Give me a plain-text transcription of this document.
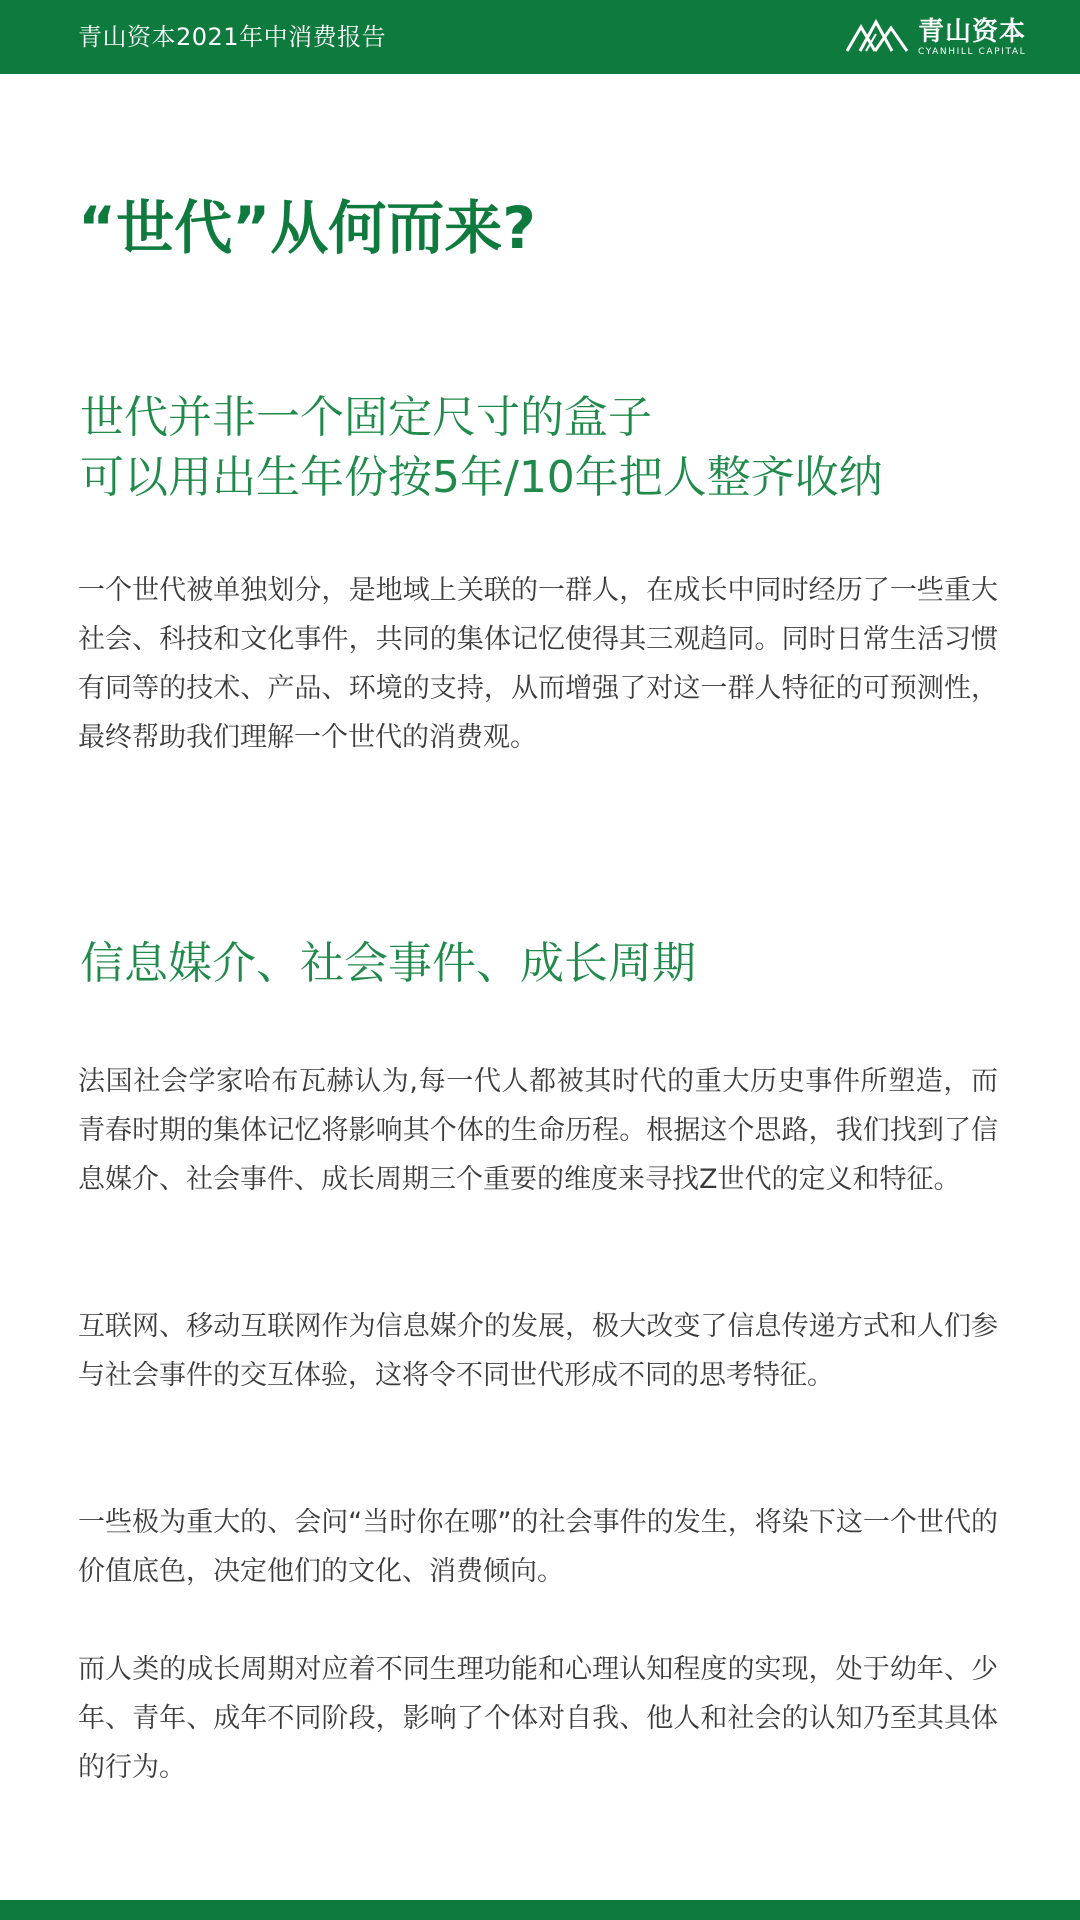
青山资本2021年中消费报告	青山资本
CYANHILL CAPITAL
“世代”从何而来?
世代并非一个固定尺寸的盒子
可以用出生年份按5年/10年把人整齐收纳

一个世代被单独划分，是地域上关联的一群人，在成长中同时经历了一些重大社会、科技和文化事件，共同的集体记忆使得其三观趋同。同时日常生活习惯有同等的技术、产品、环境的支持，从而增强了对这一群人特征的可预测性，最终帮助我们理解一个世代的消费观。

信息媒介、社会事件、成长周期

法国社会学家哈布瓦赫认为,每一代人都被其时代的重大历史事件所塑造，而青春时期的集体记忆将影响其个体的生命历程。根据这个思路，我们找到了信息媒介、社会事件、成长周期三个重要的维度来寻找Z世代的定义和特征。

互联网、移动互联网作为信息媒介的发展，极大改变了信息传递方式和人们参与社会事件的交互体验，这将令不同世代形成不同的思考特征。

一些极为重大的、会问“当时你在哪”的社会事件的发生，将染下这一个世代的价值底色，决定他们的文化、消费倾向。

而人类的成长周期对应着不同生理功能和心理认知程度的实现，处于幼年、少年、青年、成年不同阶段，影响了个体对自我、他人和社会的认知乃至其具体的行为。
